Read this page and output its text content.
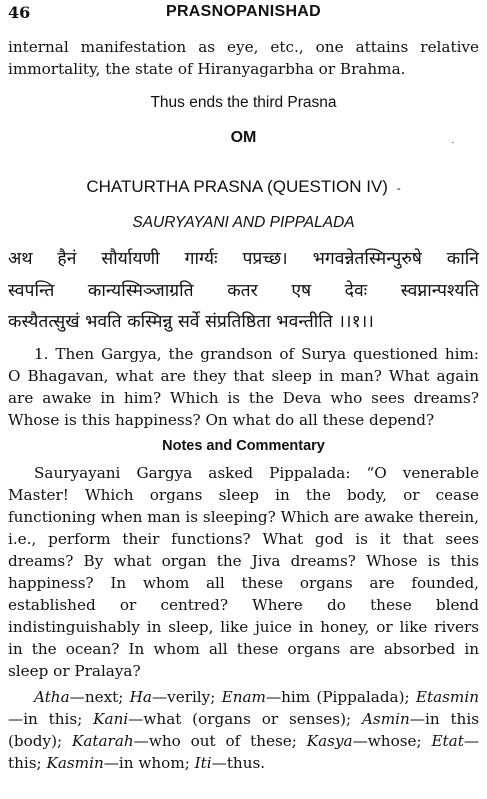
46	PRASNOPANISHAD

internal manifestation as eye, etc., one attains relative immortality, the state of Hiranyagarbha or Brahma.

Thus ends the third Prasna

OM	·

CHATURTHA PRASNA (QUESTION IV) -

SAURYAYANI AND PIPPALADA

अथ हैनं सौर्यायणी गार्ग्यः पप्रच्छ। भगवन्नेतस्मिन्पुरुषे कानि

स्वपन्ति कान्यस्मिञ्जाग्रति कतर एष देवः स्वप्नान्पश्यति

कस्यैतत्सुखं भवति कस्मिन्नु सर्वे संप्रतिष्ठिता भवन्तीति ।।१।।

1. Then Gargya, the grandson of Surya questioned him: O Bhagavan, what are they that sleep in man? What again are awake in him? Which is the Deva who sees dreams? Whose is this happiness? On what do all these depend?

Notes and Commentary

Sauryayani Gargya asked Pippalada: “O venerable Master! Which organs sleep in the body, or cease functioning when man is sleeping? Which are awake therein, i.e., perform their functions? What god is it that sees dreams? By what organ the Jiva dreams? Whose is this happiness? In whom all these organs are founded, established or centred? Where do these blend indistinguishably in sleep, like juice in honey, or like rivers in the ocean? In whom all these organs are absorbed in sleep or Pralaya?

Atha—next; Ha—verily; Enam—him (Pippalada); Etasmin—in this; Kani—what (organs or senses); Asmin—in this (body); Katarah—who out of these; Kasya—whose; Etat—this; Kasmin—in whom; Iti—thus.
